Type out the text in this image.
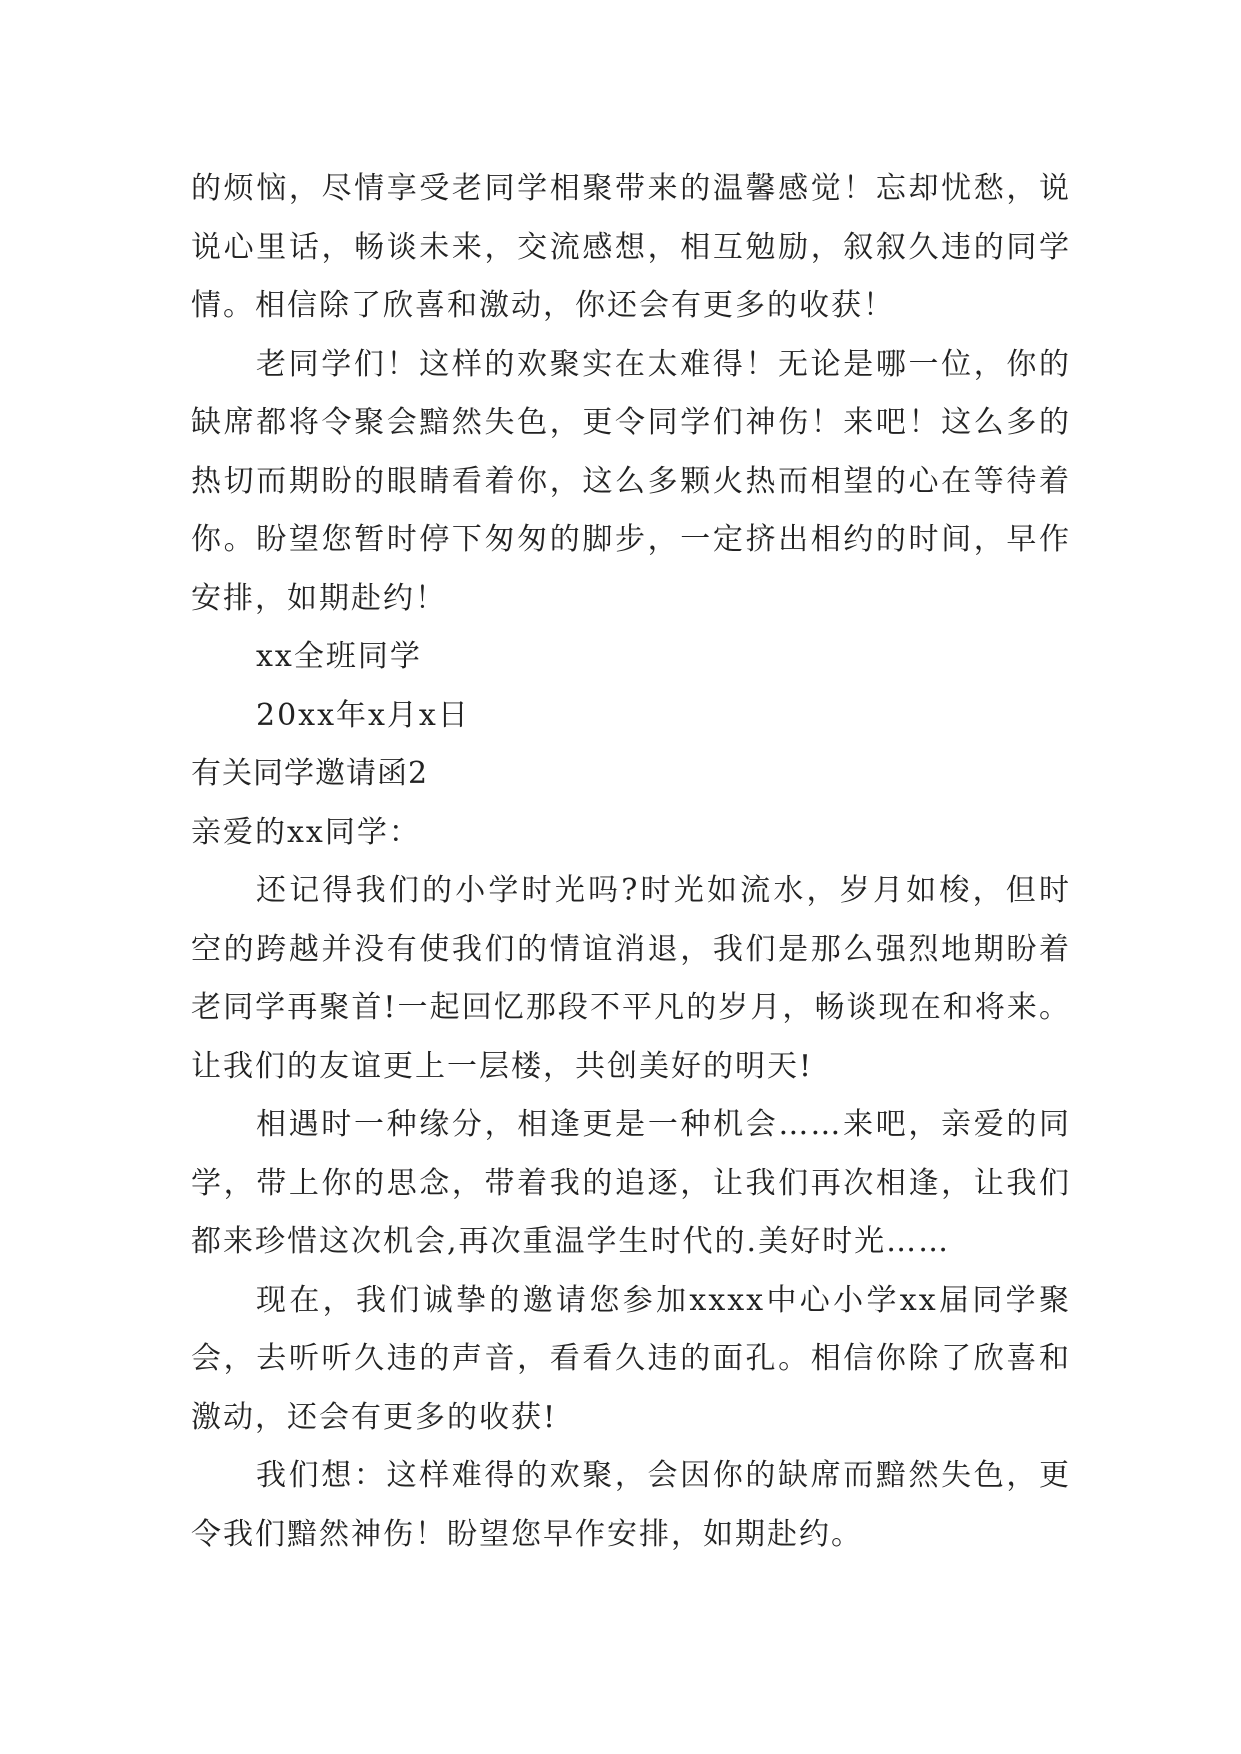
的烦恼，尽情享受老同学相聚带来的温馨感觉！忘却忧愁，说说心里话，畅谈未来，交流感想，相互勉励，叙叙久违的同学情。相信除了欣喜和激动，你还会有更多的收获！

老同学们！这样的欢聚实在太难得！无论是哪一位，你的缺席都将令聚会黯然失色，更令同学们神伤！来吧！这么多的热切而期盼的眼睛看着你，这么多颗火热而相望的心在等待着你。盼望您暂时停下匆匆的脚步，一定挤出相约的时间，早作安排，如期赴约！

xx全班同学

20xx年x月x日

有关同学邀请函2

亲爱的xx同学：

还记得我们的小学时光吗?时光如流水，岁月如梭，但时空的跨越并没有使我们的情谊消退，我们是那么强烈地期盼着老同学再聚首!一起回忆那段不平凡的岁月，畅谈现在和将来。让我们的友谊更上一层楼，共创美好的明天!

相遇时一种缘分，相逢更是一种机会……来吧，亲爱的同学，带上你的思念，带着我的追逐，让我们再次相逢，让我们都来珍惜这次机会,再次重温学生时代的.美好时光……

现在，我们诚挚的邀请您参加xxxx中心小学xx届同学聚会，去听听久违的声音，看看久违的面孔。相信你除了欣喜和激动，还会有更多的收获!

我们想：这样难得的欢聚，会因你的缺席而黯然失色，更令我们黯然神伤！盼望您早作安排，如期赴约。
